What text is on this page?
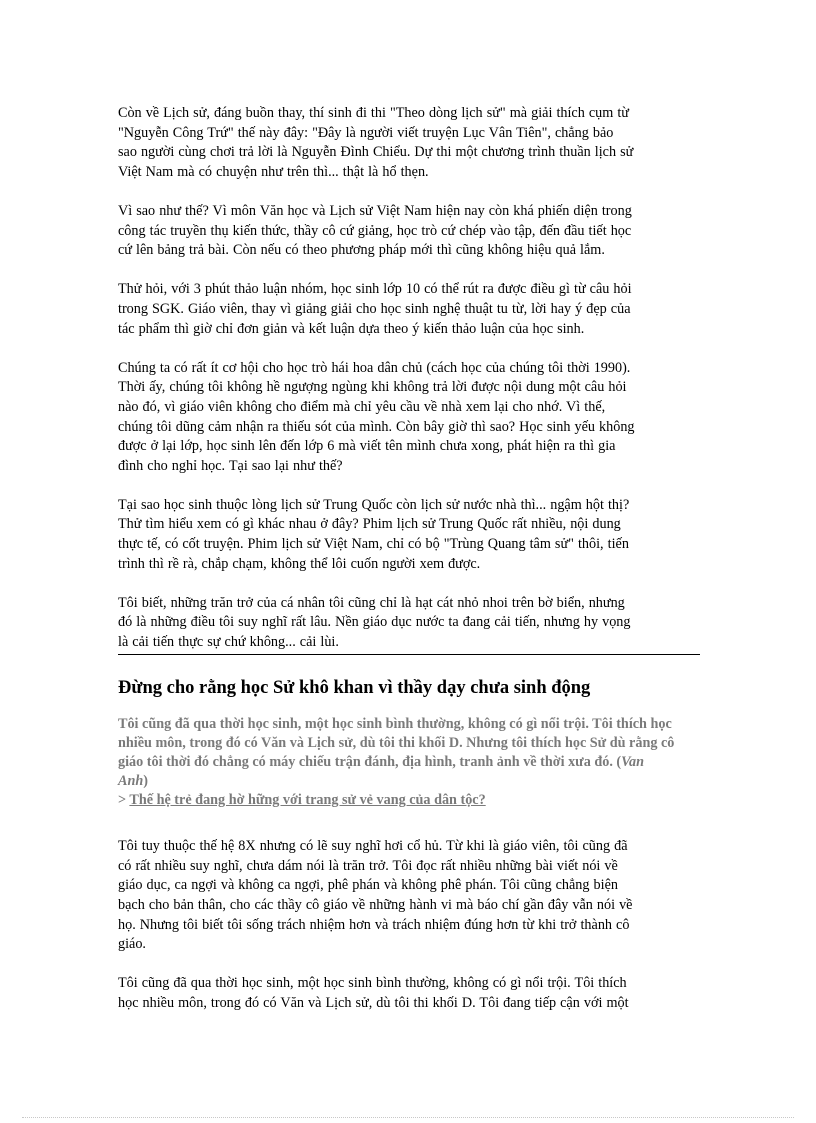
Còn về Lịch sử, đáng buồn thay, thí sinh đi thi "Theo dòng lịch sử" mà giải thích cụm từ
"Nguyễn Công Trứ" thế này đây: "Đây là người viết truyện Lục Vân Tiên", chẳng bảo
sao người cùng chơi trả lời là Nguyễn Đình Chiểu. Dự thi một chương trình thuần lịch sử
Việt Nam mà có chuyện như trên thì... thật là hổ thẹn.

Vì sao như thế? Vì môn Văn học và Lịch sử Việt Nam hiện nay còn khá phiến diện trong
công tác truyền thụ kiến thức, thầy cô cứ giảng, học trò cứ chép vào tập, đến đầu tiết học
cứ lên bảng trả bài. Còn nếu có theo phương pháp mới thì cũng không hiệu quả lắm.

Thử hỏi, với 3 phút thảo luận nhóm, học sinh lớp 10 có thể rút ra được điều gì từ câu hỏi
trong SGK. Giáo viên, thay vì giảng giải cho học sinh nghệ thuật tu từ, lời hay ý đẹp của
tác phẩm thì giờ chỉ đơn giản và kết luận dựa theo ý kiến thảo luận của học sinh.

Chúng ta có rất ít cơ hội cho học trò hái hoa dân chủ (cách học của chúng tôi thời 1990).
Thời ấy, chúng tôi không hề ngượng ngùng khi không trả lời được nội dung một câu hỏi
nào đó, vì giáo viên không cho điểm mà chỉ yêu cầu về nhà xem lại cho nhớ. Vì thế,
chúng tôi dũng cảm nhận ra thiếu sót của mình. Còn bây giờ thì sao? Học sinh yếu không
được ở lại lớp, học sinh lên đến lớp 6 mà viết tên mình chưa xong, phát hiện ra thì gia
đình cho nghỉ học. Tại sao lại như thế?

Tại sao học sinh thuộc lòng lịch sử Trung Quốc còn lịch sử nước nhà thì... ngậm hột thị?
Thử tìm hiểu xem có gì khác nhau ở đây? Phim lịch sử Trung Quốc rất nhiều, nội dung
thực tế, có cốt truyện. Phim lịch sử Việt Nam, chỉ có bộ "Trùng Quang tâm sử" thôi, tiến
trình thì rề rà, chắp chạm, không thể lôi cuốn người xem được.

Tôi biết, những trăn trở của cá nhân tôi cũng chỉ là hạt cát nhỏ nhoi trên bờ biển, nhưng
đó là những điều tôi suy nghĩ rất lâu. Nền giáo dục nước ta đang cải tiến, nhưng hy vọng
là cải tiến thực sự chứ không... cải lùi.

Đừng cho rằng học Sử khô khan vì thầy dạy chưa sinh động

Tôi cũng đã qua thời học sinh, một học sinh bình thường, không có gì nổi trội. Tôi thích học
nhiều môn, trong đó có Văn và Lịch sử, dù tôi thi khối D. Nhưng tôi thích học Sử dù rằng cô
giáo tôi thời đó chẳng có máy chiếu trận đánh, địa hình, tranh ảnh về thời xưa đó. (Van
Anh)
> Thế hệ trẻ đang hờ hững với trang sử vẻ vang của dân tộc?

Tôi tuy thuộc thế hệ 8X nhưng có lẽ suy nghĩ hơi cổ hủ. Từ khi là giáo viên, tôi cũng đã
có rất nhiều suy nghĩ, chưa dám nói là trăn trở. Tôi đọc rất nhiều những bài viết nói về
giáo dục, ca ngợi và không ca ngợi, phê phán và không phê phán. Tôi cũng chẳng biện
bạch cho bản thân, cho các thầy cô giáo về những hành vi mà báo chí gần đây vẫn nói về
họ. Nhưng tôi biết tôi sống trách nhiệm hơn và trách nhiệm đúng hơn từ khi trở thành cô
giáo.

Tôi cũng đã qua thời học sinh, một học sinh bình thường, không có gì nổi trội. Tôi thích
học nhiều môn, trong đó có Văn và Lịch sử, dù tôi thi khối D. Tôi đang tiếp cận với một
